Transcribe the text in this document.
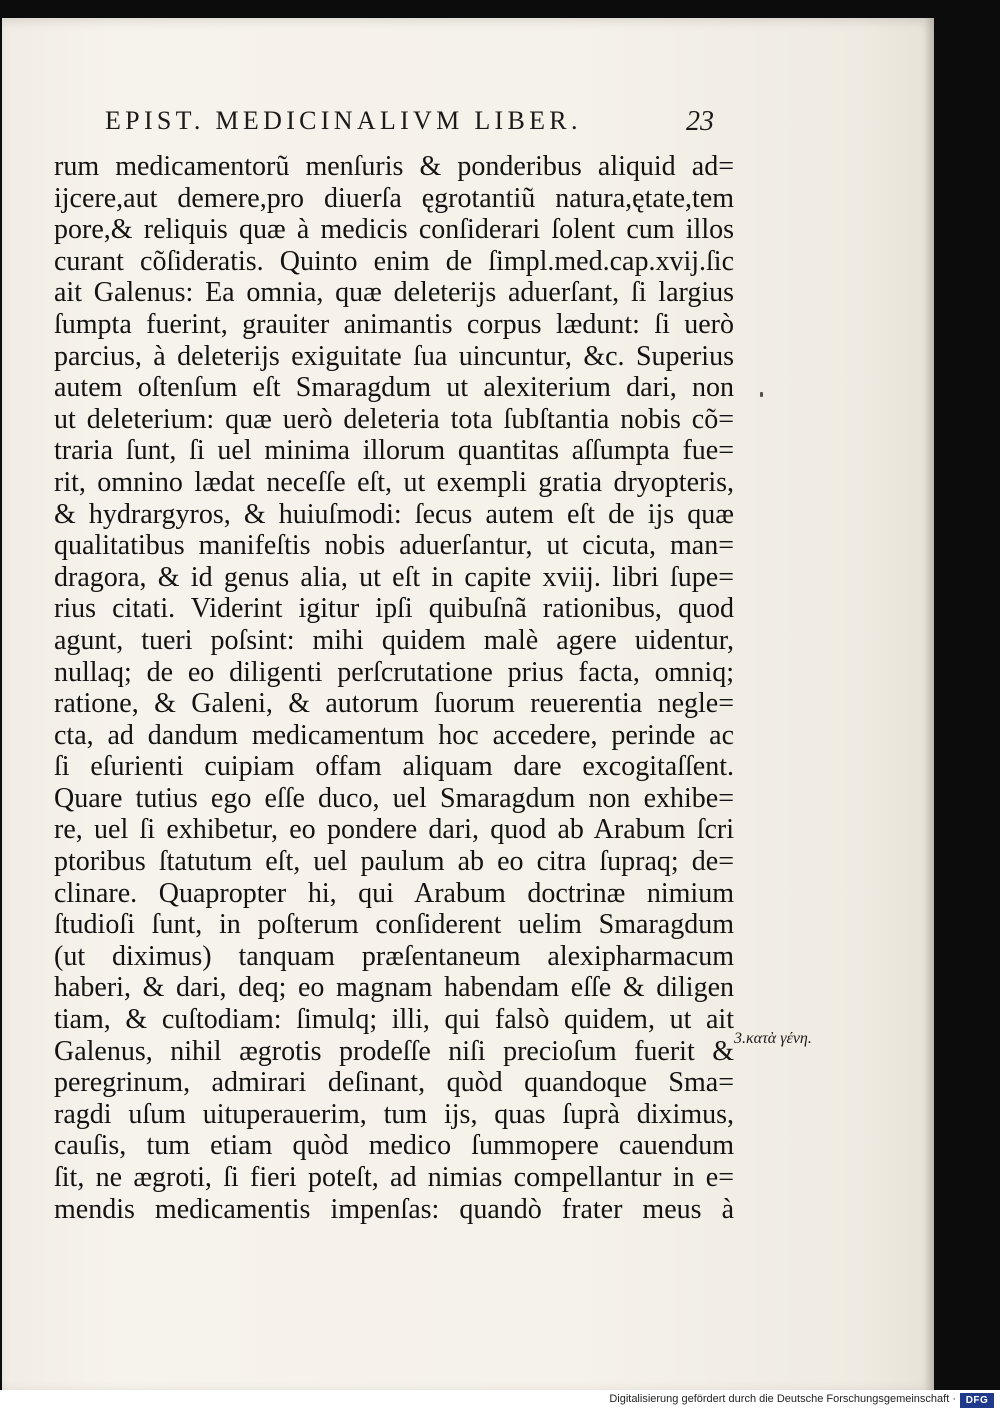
EPIST. MEDICINALIVM LIBER.	23
rum medicamentorũ menſuris & ponderibus aliquid ad=
ijcere,aut demere,pro diuerſa ęgrotantiũ natura,ętate,tem
pore,& reliquis quæ à medicis conſiderari ſolent cum illos
curant cõſideratis. Quinto enim de ſimpl.med.cap.xvij.ſic
ait Galenus: Ea omnia, quæ deleterijs aduerſant, ſi largius
ſumpta fuerint, grauiter animantis corpus lædunt: ſi uerò
parcius, à deleterijs exiguitate ſua uincuntur, &c. Superius
autem oſtenſum eſt Smaragdum ut alexiterium dari, non
ut deleterium: quæ uerò deleteria tota ſubſtantia nobis cõ=
traria ſunt, ſi uel minima illorum quantitas aſſumpta fue=
rit, omnino lædat neceſſe eſt, ut exempli gratia dryopteris,
& hydrargyros, & huiuſmodi: ſecus autem eſt de ijs quæ
qualitatibus manifeſtis nobis aduerſantur, ut cicuta, man=
dragora, & id genus alia, ut eſt in capite xviij. libri ſupe=
rius citati. Viderint igitur ipſi quibuſnã rationibus, quod
agunt, tueri poſsint: mihi quidem malè agere uidentur,
nullaq; de eo diligenti perſcrutatione prius facta, omniq;
ratione, & Galeni, & autorum ſuorum reuerentia negle=
cta, ad dandum medicamentum hoc accedere, perinde ac
ſi eſurienti cuipiam offam aliquam dare excogitaſſent.
Quare tutius ego eſſe duco, uel Smaragdum non exhibe=
re, uel ſi exhibetur, eo pondere dari, quod ab Arabum ſcri
ptoribus ſtatutum eſt, uel paulum ab eo citra ſupraq; de=
clinare. Quapropter hi, qui Arabum doctrinæ nimium
ſtudioſi ſunt, in poſterum conſiderent uelim Smaragdum
(ut diximus) tanquam præſentaneum alexipharmacum
haberi, & dari, deq; eo magnam habendam eſſe & diligen
tiam, & cuſtodiam: ſimulq; illi, qui falsò quidem, ut ait
Galenus, nihil ægrotis prodeſſe niſi precioſum fuerit &
peregrinum, admirari deſinant, quòd quandoque Sma=
ragdi uſum uituperauerim, tum ijs, quas ſuprà diximus,
cauſis, tum etiam quòd medico ſummopere cauendum
ſit, ne ægroti, ſi fieri poteſt, ad nimias compellantur in e=
mendis medicamentis impenſas: quandò frater meus à
3.κατὰ γένη.
Digitalisierung gefördert durch die Deutsche Forschungsgemeinschaft · DFG
